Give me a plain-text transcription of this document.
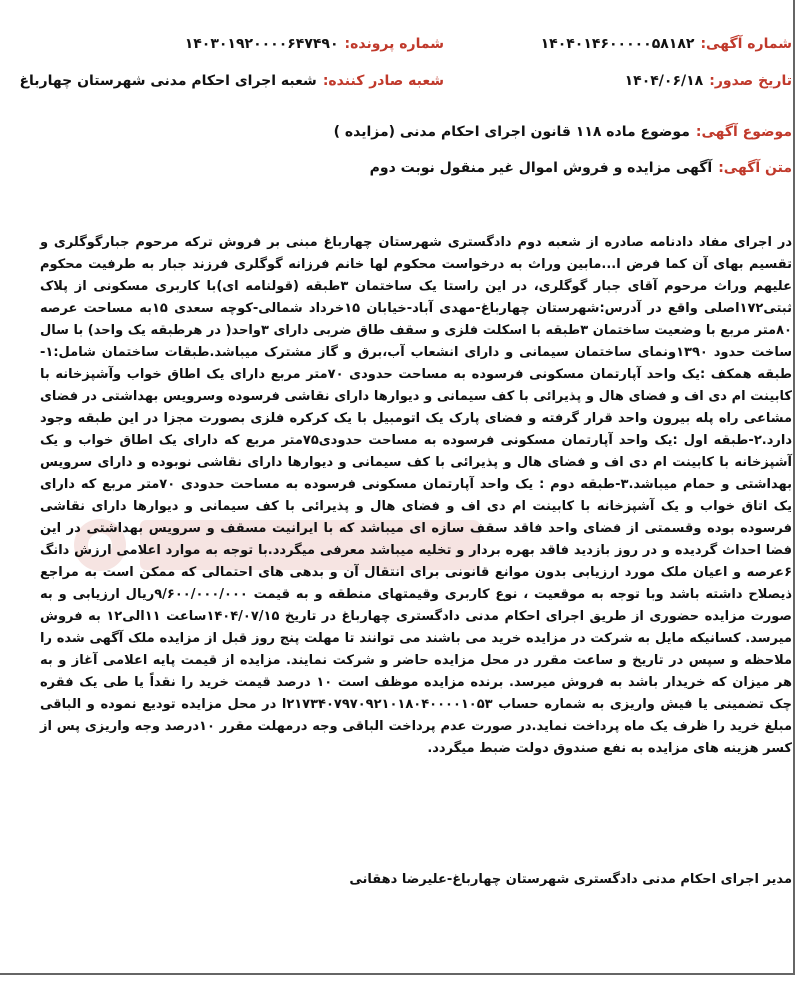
شماره آگهی:
۱۴۰۴۰۱۴۶۰۰۰۰۰۵۸۱۸۲
شماره پرونده:
۱۴۰۳۰۱۹۲۰۰۰۰۶۴۷۴۹۰
تاریخ صدور:
۱۴۰۴/۰۶/۱۸
شعبه صادر کننده:
شعبه اجرای احکام مدنی شهرستان چهارباغ
موضوع آگهی:
موضوع ماده ۱۱۸ قانون اجرای احکام مدنی (مزایده )
متن آگهی:
آگهی مزایده و فروش اموال غیر منقول نوبت دوم
در اجرای مفاد دادنامه صادره از شعبه دوم دادگستری شهرستان چهارباغ مبنی بر فروش ترکه مرحوم جبارگوگلری و تقسیم بهای آن کما فرض ا...مابین وراث به درخواست محکوم لها خانم فرزانه گوگلری فرزند جبار به طرفیت محکوم علیهم وراث مرحوم آقای جبار گوگلری، در این راستا یک ساختمان ۳طبقه (قولنامه ای)با کاربری مسکونی از پلاک ثبتی۱۷۲اصلی واقع در آدرس:شهرستان چهارباغ-مهدی آباد-خیابان ۱۵خرداد شمالی-کوچه سعدی ۱۵به مساحت عرصه ۸۰متر مربع با وضعیت ساختمان ۳طبقه با اسکلت فلزی و سقف طاق ضربی دارای ۳واحد( در هرطبقه یک واحد) با سال ساخت حدود ۱۳۹۰ونمای ساختمان سیمانی و دارای انشعاب آب،برق و گاز مشترک میباشد.طبقات ساختمان شامل:۱- طبقه همکف :یک واحد آپارتمان مسکونی فرسوده به مساحت حدودی ۷۰متر مربع دارای یک اطاق خواب وآشپزخانه با کابینت ام دی اف و فضای هال و پذیرائی با کف سیمانی و دیوارها دارای نقاشی فرسوده وسرویس بهداشتی در فضای مشاعی راه پله بیرون واحد قرار گرفته و فضای پارک یک اتومبیل با یک کرکره فلزی بصورت مجزا در این طبقه وجود دارد.۲-طبقه اول :یک واحد آپارتمان مسکونی فرسوده به مساحت حدودی۷۵متر مربع که دارای یک اطاق خواب و یک آشپزخانه با کابینت ام دی اف و فضای هال و پذیرائی با کف سیمانی و دیوارها دارای نقاشی نوبوده و دارای سرویس بهداشتی و حمام میباشد.۳-طبقه دوم : یک واحد آپارتمان مسکونی فرسوده به مساحت حدودی ۷۰متر مربع که دارای یک اتاق خواب و یک آشپزخانه با کابینت ام دی اف و فضای هال و پذیرائی با کف سیمانی و دیوارها دارای نقاشی فرسوده بوده وقسمتی از فضای واحد فاقد سقف سازه ای میباشد که با ایرانیت مسقف و سرویس بهداشتی در این فضا احداث گردیده و در روز بازدید فاقد بهره بردار و تخلیه میباشد معرفی میگردد.با توجه به موارد اعلامی ارزش دانگ ۶عرصه و اعیان ملک مورد ارزیابی بدون موانع قانونی برای انتقال آن و بدهی های احتمالی که ممکن است به مراجع ذیصلاح داشته باشد وبا توجه به موقعیت ، نوع کاربری وقیمتهای منطقه و به قیمت ۹/۶۰۰/۰۰۰/۰۰۰ریال ارزیابی و به صورت مزایده حضوری از طریق اجرای احکام مدنی دادگستری چهارباغ در تاریخ ۱۴۰۴/۰۷/۱۵ساعت ۱۱الی۱۲ به فروش میرسد. کسانیکه مایل به شرکت در مزایده خرید می باشند می توانند تا مهلت پنج روز قبل از مزایده ملک آگهی شده را ملاحظه و سپس در تاریخ و ساعت مقرر در محل مزایده حاضر و شرکت نمایند. مزایده از قیمت پایه اعلامی آغاز و به هر میزان که خریدار باشد به فروش میرسد. برنده مزایده موظف است ۱۰ درصد قیمت خرید را نقداً یا طی یک فقره چک تضمینی یا فیش واریزی به شماره حساب ۲۱۷۳۴۰۷۹۷۰۹۲۱۰۱۸۰۴۰۰۰۰۱۰۵۳ا در محل مزایده تودیع نموده و الباقی مبلغ خرید را ظرف یک ماه پرداخت نماید.در صورت عدم پرداخت الباقی وجه درمهلت مقرر ۱۰درصد وجه واریزی پس از کسر هزینه های مزایده به نفع صندوق دولت ضبط میگردد.
مدیر اجرای احکام مدنی دادگستری شهرستان چهارباغ-علیرضا دهقانی
